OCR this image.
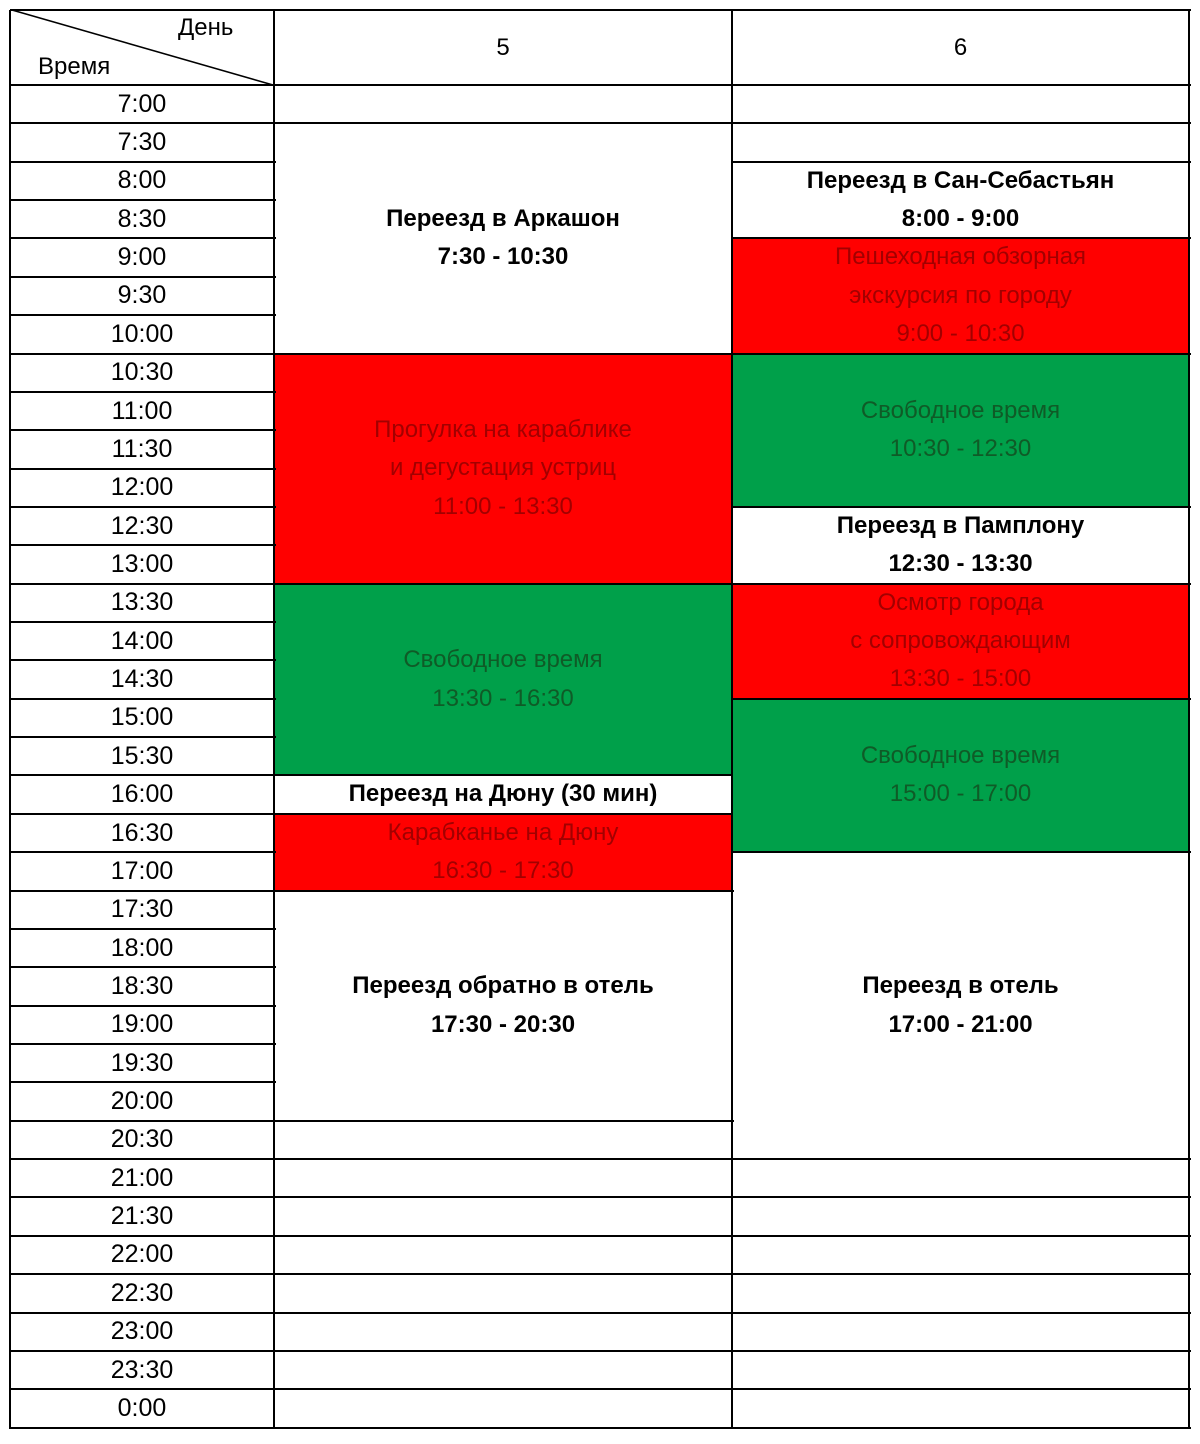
День
Время
5	6
7:00
7:30
8:00
8:30
9:00
9:30
10:00
10:30
11:00
11:30
12:00
12:30
13:00
13:30
14:00
14:30
15:00
15:30
16:00
16:30
17:00
17:30
18:00
18:30
19:00
19:30
20:00
20:30
21:00
21:30
22:00
22:30
23:00
23:30
0:00
Переезд в Аркашон
7:30 - 10:30
Прогулка на караблике
и дегустация устриц
11:00 - 13:30
Свободное время
13:30 - 16:30
Переезд на Дюну (30 мин)
Карабканье на Дюну
16:30 - 17:30
Переезд обратно в отель
17:30 - 20:30
Переезд в Сан-Себастьян
8:00 - 9:00
Пешеходная обзорная
экскурсия по городу
9:00 - 10:30
Свободное время
10:30 - 12:30
Переезд в Памплону
12:30 - 13:30
Осмотр города
с сопровождающим
13:30 - 15:00
Свободное время
15:00 - 17:00
Переезд в отель
17:00 - 21:00
